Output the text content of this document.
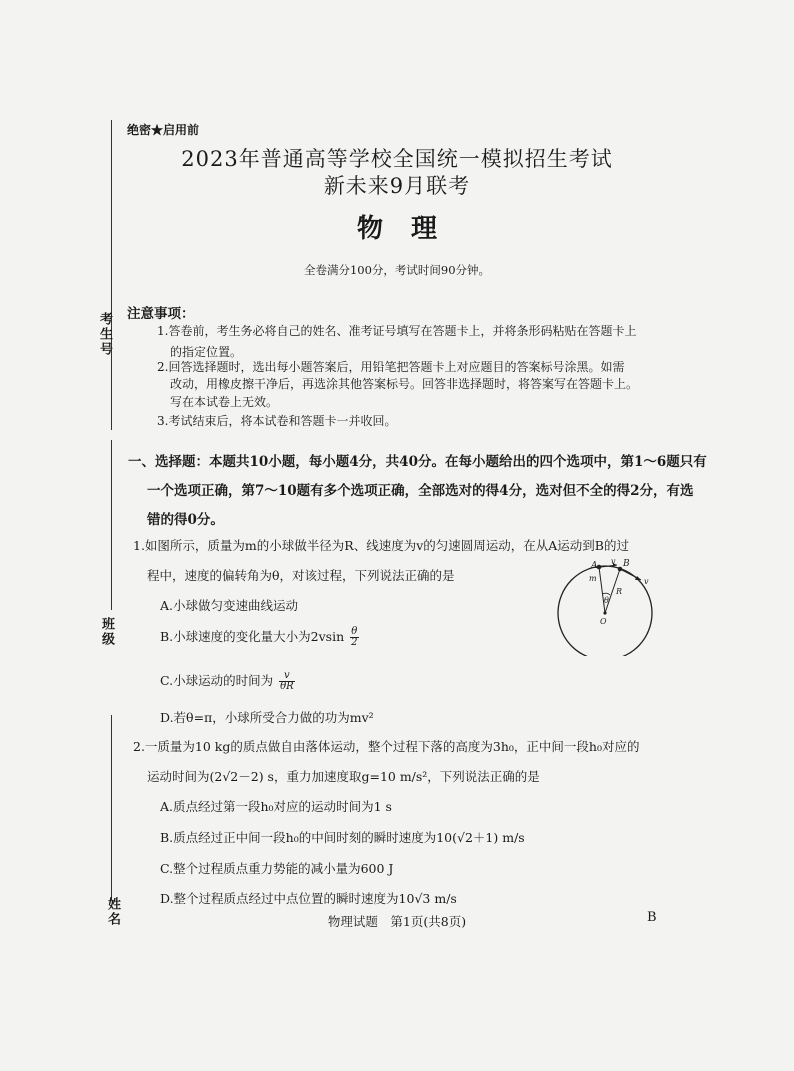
考生号
班级
姓名
绝密★启用前
2023年普通高等学校全国统一模拟招生考试
新未来9月联考
物理
全卷满分100分，考试时间90分钟。
注意事项：
1.答卷前，考生务必将自己的姓名、准考证号填写在答题卡上，并将条形码粘贴在答题卡上
的指定位置。
2.回答选择题时，选出每小题答案后，用铅笔把答题卡上对应题目的答案标号涂黑。如需
改动，用橡皮擦干净后，再选涂其他答案标号。回答非选择题时，将答案写在答题卡上。
写在本试卷上无效。
3.考试结束后，将本试卷和答题卡一并收回。
一、选择题：本题共10小题，每小题4分，共40分。在每小题给出的四个选项中，第1～6题只有
一个选项正确，第7～10题有多个选项正确，全部选对的得4分，选对但不全的得2分，有选
错的得0分。
1.如图所示，质量为m的小球做半径为R、线速度为v的匀速圆周运动，在从A运动到B的过
程中，速度的偏转角为θ，对该过程，下列说法正确的是
A.小球做匀变速曲线运动
B.小球速度的变化量大小为$2vsin \frac{\theta}{2}$
C.小球运动的时间为 $\frac{v}{\theta R}$
D.若θ=π，小球所受合力做的功为mv²
A	B
m
v
v
θ
R
O
2.一质量为10 kg的质点做自由落体运动，整个过程下落的高度为3h₀，正中间一段h₀对应的
运动时间为(2√2－2) s，重力加速度取g=10 m/s²，下列说法正确的是
A.质点经过第一段h₀对应的运动时间为1 s
B.质点经过正中间一段h₀的中间时刻的瞬时速度为10(√2＋1) m/s
C.整个过程质点重力势能的减小量为600 J
D.整个过程质点经过中点位置的瞬时速度为10√3 m/s
物理试题　第1页(共8页)	B
